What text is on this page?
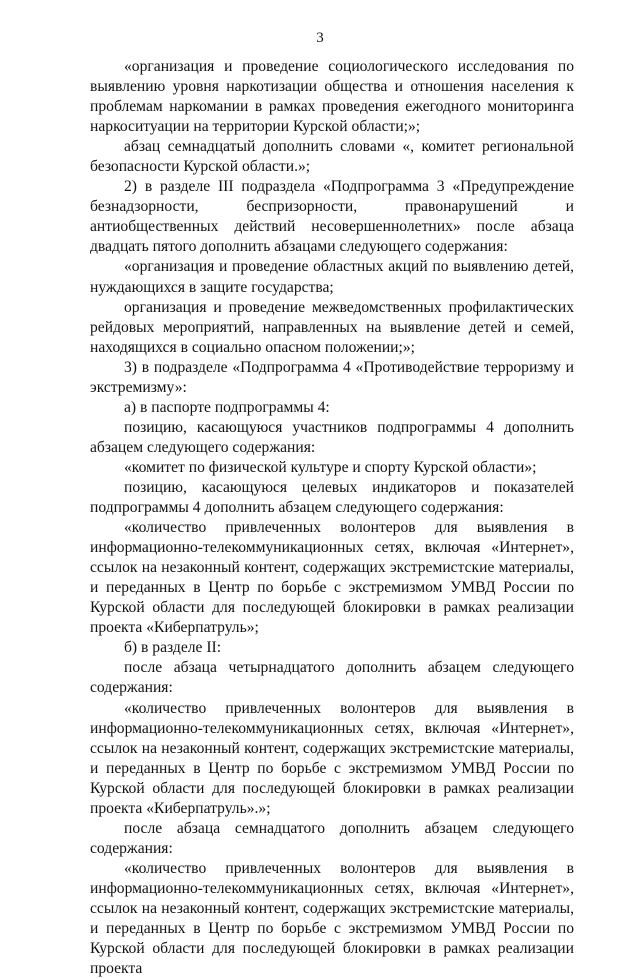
3

«организация и проведение социологического исследования по выявлению уровня наркотизации общества и отношения населения к проблемам наркомании в рамках проведения ежегодного мониторинга наркоситуации на территории Курской области;»;

абзац семнадцатый дополнить словами «, комитет региональной безопасности Курской области.»;

2) в разделе III подраздела «Подпрограмма 3 «Предупреждение безнадзорности, беспризорности, правонарушений и антиобщественных действий несовершеннолетних» после абзаца двадцать пятого дополнить абзацами следующего содержания:

«организация и проведение областных акций по выявлению детей, нуждающихся в защите государства;

организация и проведение межведомственных профилактических рейдовых мероприятий, направленных на выявление детей и семей, находящихся в социально опасном положении;»;

3) в подразделе «Подпрограмма 4 «Противодействие терроризму и экстремизму»:

а) в паспорте подпрограммы 4:

позицию, касающуюся участников подпрограммы 4 дополнить абзацем следующего содержания:

«комитет по физической культуре и спорту Курской области»;

позицию, касающуюся целевых индикаторов и показателей подпрограммы 4 дополнить абзацем следующего содержания:

«количество привлеченных волонтеров для выявления в информационно-телекоммуникационных сетях, включая «Интернет», ссылок на незаконный контент, содержащих экстремистские материалы, и переданных в Центр по борьбе с экстремизмом УМВД России по Курской области для последующей блокировки в рамках реализации проекта «Киберпатруль»;

б) в разделе II:

после абзаца четырнадцатого дополнить абзацем следующего содержания:

«количество привлеченных волонтеров для выявления в информационно-телекоммуникационных сетях, включая «Интернет», ссылок на незаконный контент, содержащих экстремистские материалы, и переданных в Центр по борьбе с экстремизмом УМВД России по Курской области для последующей блокировки в рамках реализации проекта «Киберпатруль».»;

после абзаца семнадцатого дополнить абзацем следующего содержания:

«количество привлеченных волонтеров для выявления в информационно-телекоммуникационных сетях, включая «Интернет», ссылок на незаконный контент, содержащих экстремистские материалы, и переданных в Центр по борьбе с экстремизмом УМВД России по Курской области для последующей блокировки в рамках реализации проекта
